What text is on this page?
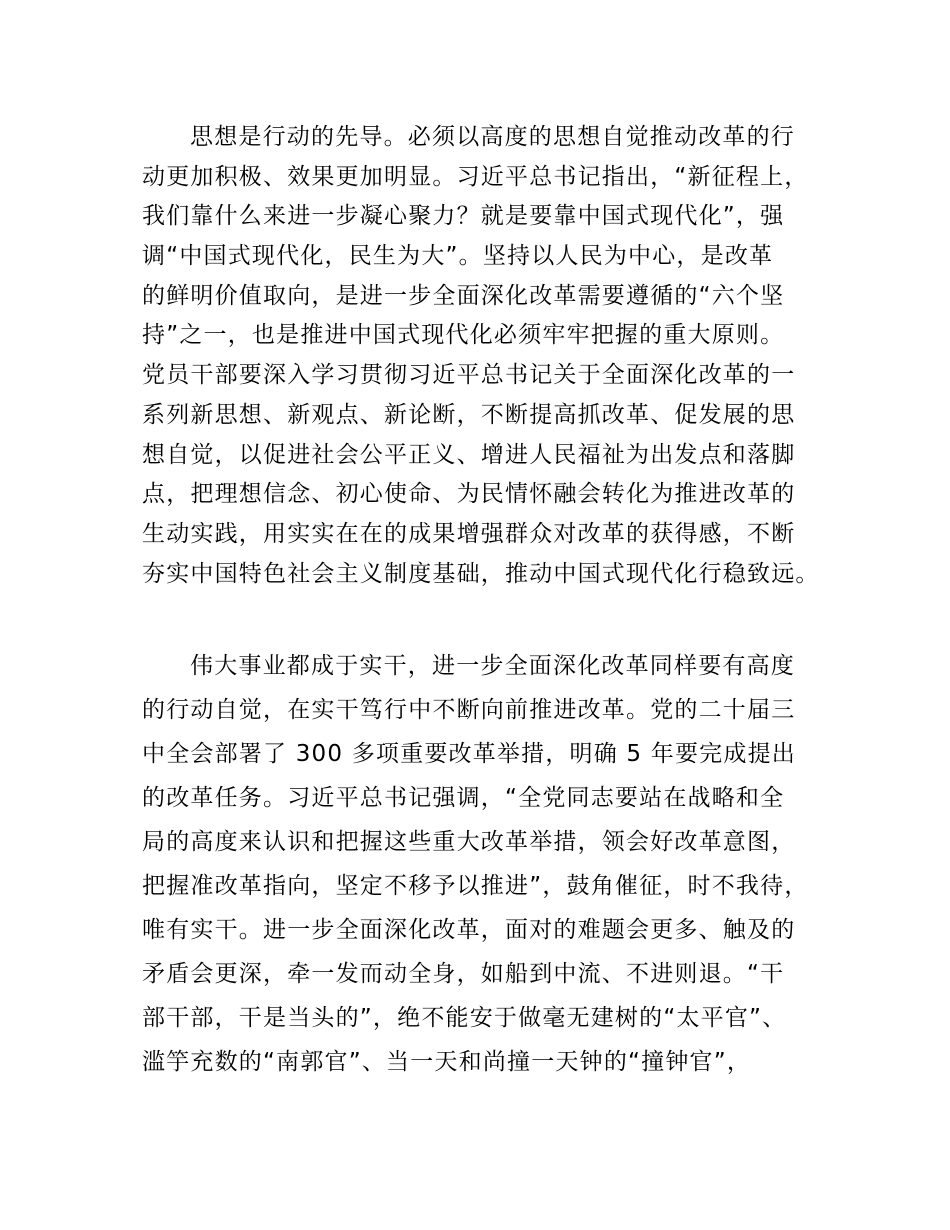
思想是行动的先导。必须以高度的思想自觉推动改革的行
动更加积极、效果更加明显。习近平总书记指出，“新征程上，
我们靠什么来进一步凝心聚力？就是要靠中国式现代化”，强
调“中国式现代化，民生为大”。坚持以人民为中心，是改革
的鲜明价值取向，是进一步全面深化改革需要遵循的“六个坚
持”之一，也是推进中国式现代化必须牢牢把握的重大原则。
党员干部要深入学习贯彻习近平总书记关于全面深化改革的一
系列新思想、新观点、新论断，不断提高抓改革、促发展的思
想自觉，以促进社会公平正义、增进人民福祉为出发点和落脚
点，把理想信念、初心使命、为民情怀融会转化为推进改革的
生动实践，用实实在在的成果增强群众对改革的获得感，不断
夯实中国特色社会主义制度基础，推动中国式现代化行稳致远。
伟大事业都成于实干，进一步全面深化改革同样要有高度
的行动自觉，在实干笃行中不断向前推进改革。党的二十届三
中全会部署了 300 多项重要改革举措，明确 5 年要完成提出
的改革任务。习近平总书记强调，“全党同志要站在战略和全
局的高度来认识和把握这些重大改革举措，领会好改革意图，
把握准改革指向，坚定不移予以推进”，鼓角催征，时不我待，
唯有实干。进一步全面深化改革，面对的难题会更多、触及的
矛盾会更深，牵一发而动全身，如船到中流、不进则退。“干
部干部，干是当头的”，绝不能安于做毫无建树的“太平官”、
滥竽充数的“南郭官”、当一天和尚撞一天钟的“撞钟官”，
